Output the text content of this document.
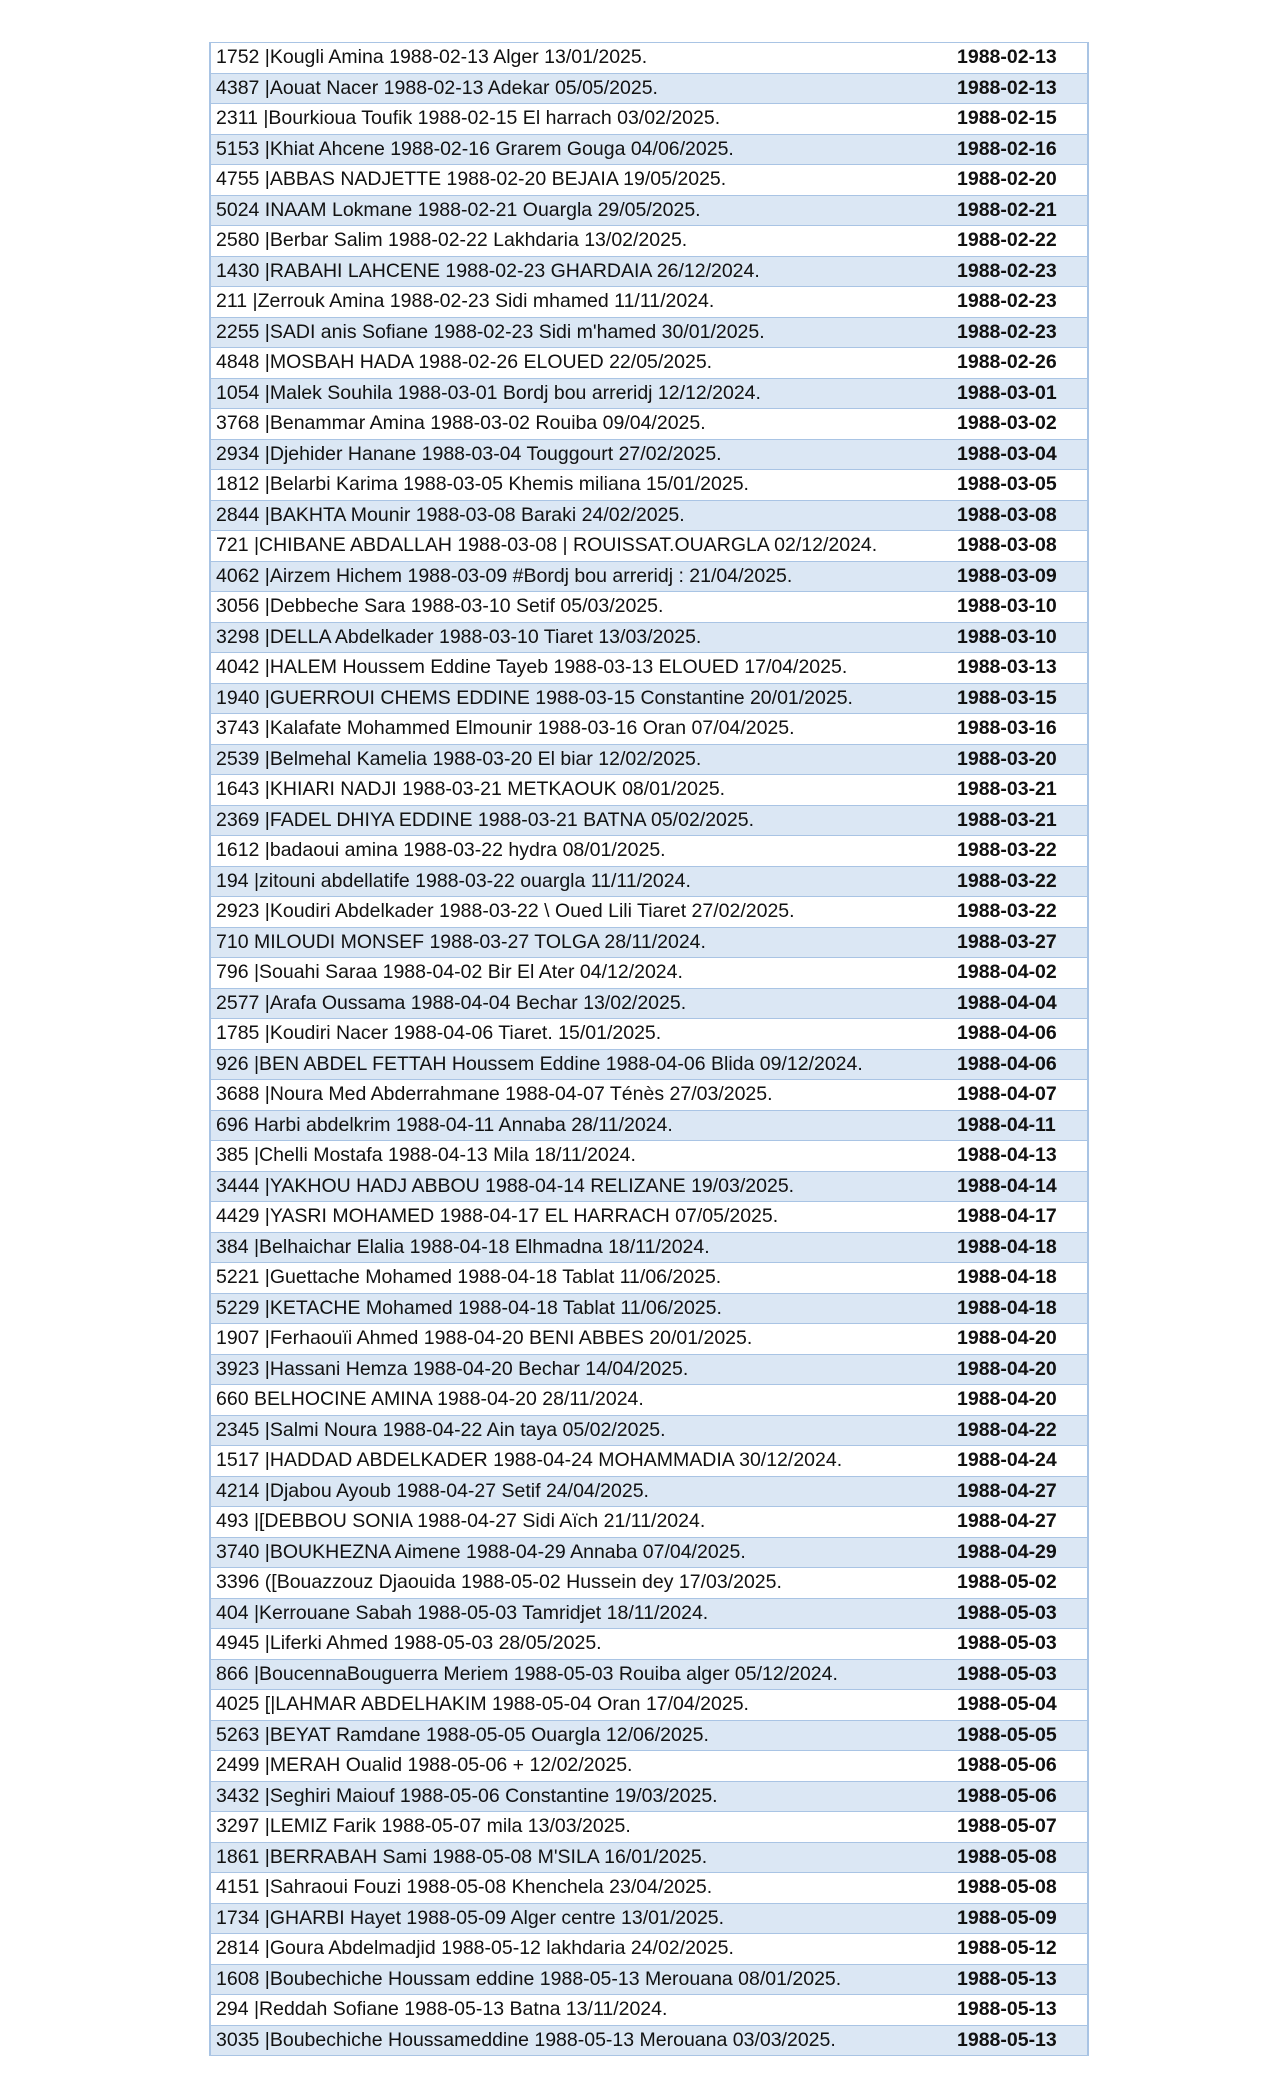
1752 |Kougli Amina 1988-02-13 Alger 13/01/2025.	1988-02-13
4387 |Aouat Nacer 1988-02-13 Adekar 05/05/2025.	1988-02-13
2311 |Bourkioua Toufik 1988-02-15 El harrach 03/02/2025.	1988-02-15
5153 |Khiat Ahcene 1988-02-16 Grarem Gouga 04/06/2025.	1988-02-16
4755 |ABBAS NADJETTE 1988-02-20 BEJAIA 19/05/2025.	1988-02-20
5024 INAAM Lokmane 1988-02-21 Ouargla 29/05/2025.	1988-02-21
2580 |Berbar Salim 1988-02-22 Lakhdaria 13/02/2025.	1988-02-22
1430 |RABAHI LAHCENE 1988-02-23 GHARDAIA 26/12/2024.	1988-02-23
211 |Zerrouk Amina 1988-02-23 Sidi mhamed 11/11/2024.	1988-02-23
2255 |SADI anis Sofiane 1988-02-23 Sidi m'hamed 30/01/2025.	1988-02-23
4848 |MOSBAH HADA 1988-02-26 ELOUED 22/05/2025.	1988-02-26
1054 |Malek Souhila 1988-03-01 Bordj bou arreridj 12/12/2024.	1988-03-01
3768 |Benammar Amina 1988-03-02 Rouiba 09/04/2025.	1988-03-02
2934 |Djehider Hanane 1988-03-04 Touggourt 27/02/2025.	1988-03-04
1812 |Belarbi Karima 1988-03-05 Khemis miliana 15/01/2025.	1988-03-05
2844 |BAKHTA Mounir 1988-03-08 Baraki 24/02/2025.	1988-03-08
721 |CHIBANE ABDALLAH 1988-03-08 | ROUISSAT.OUARGLA 02/12/2024.	1988-03-08
4062 |Airzem Hichem 1988-03-09 #Bordj bou arreridj : 21/04/2025.	1988-03-09
3056 |Debbeche Sara 1988-03-10 Setif 05/03/2025.	1988-03-10
3298 |DELLA Abdelkader 1988-03-10 Tiaret 13/03/2025.	1988-03-10
4042 |HALEM Houssem Eddine Tayeb 1988-03-13 ELOUED 17/04/2025.	1988-03-13
1940 |GUERROUI CHEMS EDDINE 1988-03-15 Constantine 20/01/2025.	1988-03-15
3743 |Kalafate Mohammed Elmounir 1988-03-16 Oran 07/04/2025.	1988-03-16
2539 |Belmehal Kamelia 1988-03-20 El biar 12/02/2025.	1988-03-20
1643 |KHIARI NADJI 1988-03-21 METKAOUK 08/01/2025.	1988-03-21
2369 |FADEL DHIYA EDDINE 1988-03-21 BATNA 05/02/2025.	1988-03-21
1612 |badaoui amina 1988-03-22 hydra 08/01/2025.	1988-03-22
194 |zitouni abdellatife 1988-03-22 ouargla 11/11/2024.	1988-03-22
2923 |Koudiri Abdelkader 1988-03-22 \ Oued Lili Tiaret 27/02/2025.	1988-03-22
710 MILOUDI MONSEF 1988-03-27 TOLGA 28/11/2024.	1988-03-27
796 |Souahi Saraa 1988-04-02 Bir El Ater 04/12/2024.	1988-04-02
2577 |Arafa Oussama 1988-04-04 Bechar 13/02/2025.	1988-04-04
1785 |Koudiri Nacer 1988-04-06 Tiaret. 15/01/2025.	1988-04-06
926 |BEN ABDEL FETTAH Houssem Eddine 1988-04-06 Blida 09/12/2024.	1988-04-06
3688 |Noura Med Abderrahmane 1988-04-07 Ténès 27/03/2025.	1988-04-07
696 Harbi abdelkrim 1988-04-11 Annaba 28/11/2024.	1988-04-11
385 |Chelli Mostafa 1988-04-13 Mila 18/11/2024.	1988-04-13
3444 |YAKHOU HADJ ABBOU 1988-04-14 RELIZANE 19/03/2025.	1988-04-14
4429 |YASRI MOHAMED 1988-04-17 EL HARRACH 07/05/2025.	1988-04-17
384 |Belhaichar Elalia 1988-04-18 Elhmadna 18/11/2024.	1988-04-18
5221 |Guettache Mohamed 1988-04-18 Tablat 11/06/2025.	1988-04-18
5229 |KETACHE Mohamed 1988-04-18 Tablat 11/06/2025.	1988-04-18
1907 |Ferhaouïi Ahmed 1988-04-20 BENI ABBES 20/01/2025.	1988-04-20
3923 |Hassani Hemza 1988-04-20 Bechar 14/04/2025.	1988-04-20
660 BELHOCINE AMINA 1988-04-20 28/11/2024.	1988-04-20
2345 |Salmi Noura 1988-04-22 Ain taya 05/02/2025.	1988-04-22
1517 |HADDAD ABDELKADER 1988-04-24 MOHAMMADIA 30/12/2024.	1988-04-24
4214 |Djabou Ayoub 1988-04-27 Setif 24/04/2025.	1988-04-27
493 |[DEBBOU SONIA 1988-04-27 Sidi Aïch 21/11/2024.	1988-04-27
3740 |BOUKHEZNA Aimene 1988-04-29 Annaba 07/04/2025.	1988-04-29
3396 ([Bouazzouz Djaouida 1988-05-02 Hussein dey 17/03/2025.	1988-05-02
404 |Kerrouane Sabah 1988-05-03 Tamridjet 18/11/2024.	1988-05-03
4945 |Liferki Ahmed 1988-05-03 28/05/2025.	1988-05-03
866 |BoucennaBouguerra Meriem 1988-05-03 Rouiba alger 05/12/2024.	1988-05-03
4025 [|LAHMAR ABDELHAKIM 1988-05-04 Oran 17/04/2025.	1988-05-04
5263 |BEYAT Ramdane 1988-05-05 Ouargla 12/06/2025.	1988-05-05
2499 |MERAH Oualid 1988-05-06 + 12/02/2025.	1988-05-06
3432 |Seghiri Maiouf 1988-05-06 Constantine 19/03/2025.	1988-05-06
3297 |LEMIZ Farik 1988-05-07 mila 13/03/2025.	1988-05-07
1861 |BERRABAH Sami 1988-05-08 M'SILA 16/01/2025.	1988-05-08
4151 |Sahraoui Fouzi 1988-05-08 Khenchela 23/04/2025.	1988-05-08
1734 |GHARBI Hayet 1988-05-09 Alger centre 13/01/2025.	1988-05-09
2814 |Goura Abdelmadjid 1988-05-12 lakhdaria 24/02/2025.	1988-05-12
1608 |Boubechiche Houssam eddine 1988-05-13 Merouana 08/01/2025.	1988-05-13
294 |Reddah Sofiane 1988-05-13 Batna 13/11/2024.	1988-05-13
3035 |Boubechiche Houssameddine 1988-05-13 Merouana 03/03/2025.	1988-05-13
